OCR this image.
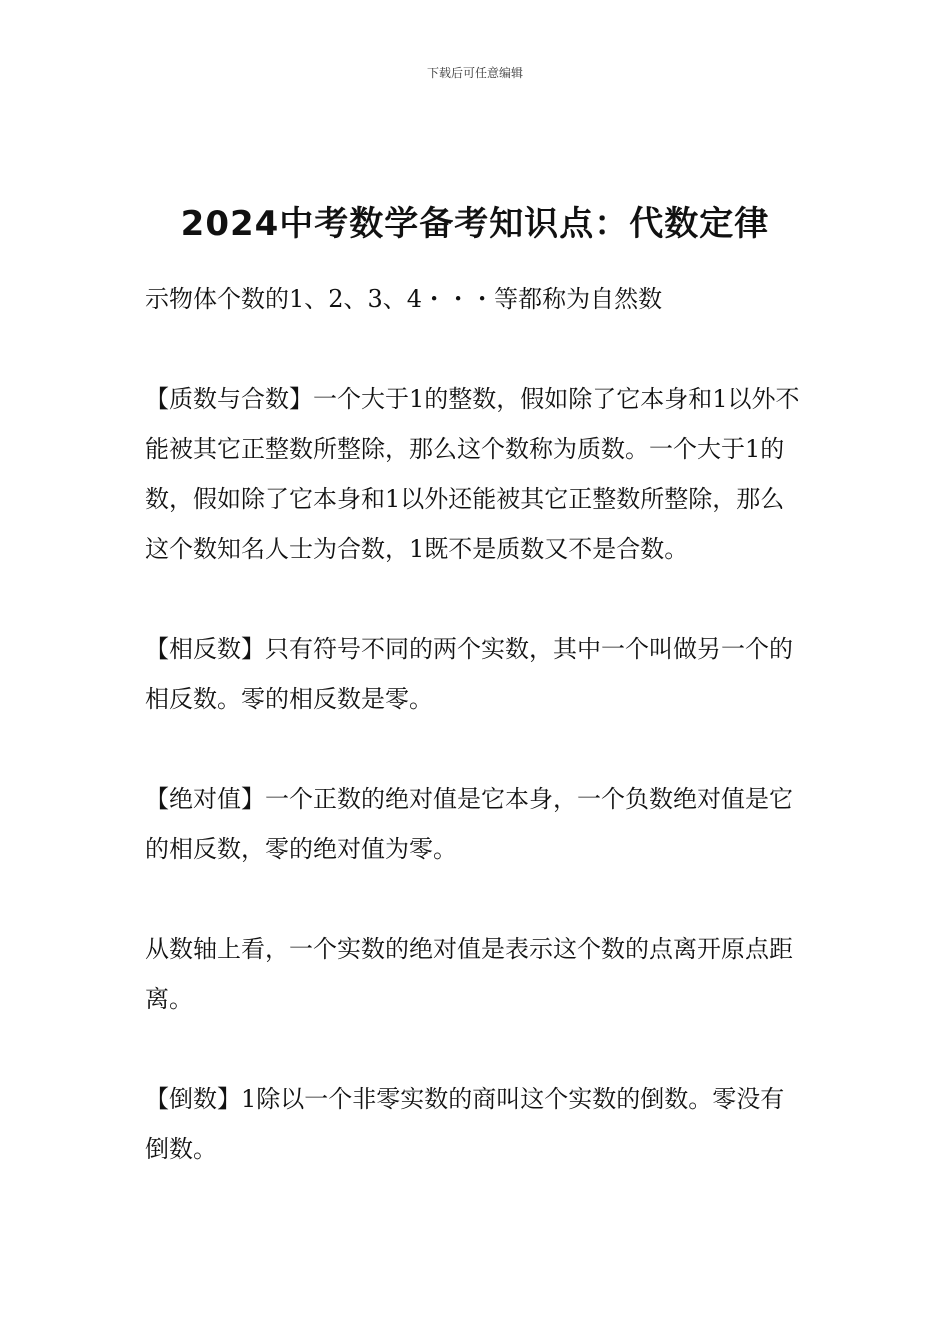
下载后可任意编辑
2024中考数学备考知识点：代数定律

示物体个数的1、2、3、4・・・等都称为自然数

【质数与合数】一个大于1的整数，假如除了它本身和1以外不能被其它正整数所整除，那么这个数称为质数。一个大于1的数，假如除了它本身和1以外还能被其它正整数所整除，那么这个数知名人士为合数，1既不是质数又不是合数。

【相反数】只有符号不同的两个实数，其中一个叫做另一个的相反数。零的相反数是零。

【绝对值】一个正数的绝对值是它本身，一个负数绝对值是它的相反数，零的绝对值为零。

从数轴上看，一个实数的绝对值是表示这个数的点离开原点距离。

【倒数】1除以一个非零实数的商叫这个实数的倒数。零没有倒数。
